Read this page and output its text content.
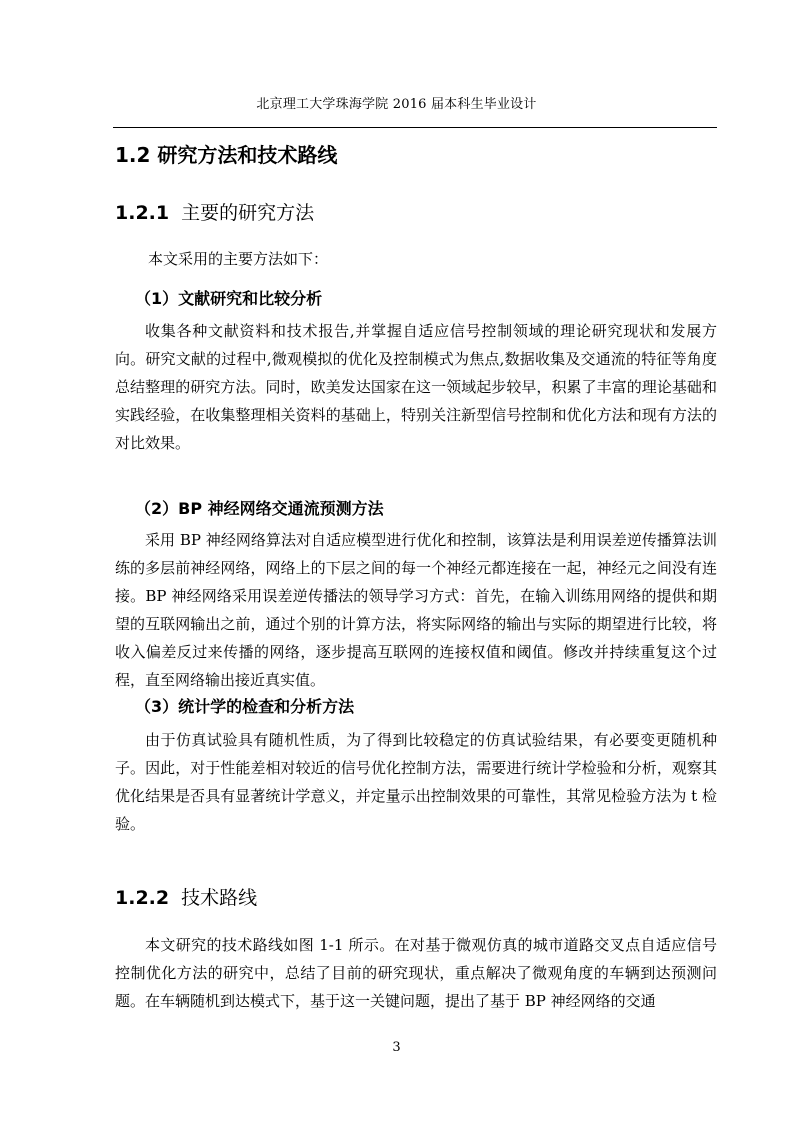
北京理工大学珠海学院 2016 届本科生毕业设计
1.2 研究方法和技术路线
1.2.1 主要的研究方法
本文采用的主要方法如下：
（1）文献研究和比较分析
收集各种文献资料和技术报告,并掌握自适应信号控制领域的理论研究现状和发展方向。研究文献的过程中,微观模拟的优化及控制模式为焦点,数据收集及交通流的特征等角度总结整理的研究方法。同时，欧美发达国家在这一领域起步较早，积累了丰富的理论基础和实践经验，在收集整理相关资料的基础上，特别关注新型信号控制和优化方法和现有方法的对比效果。
（2）BP 神经网络交通流预测方法
采用 BP 神经网络算法对自适应模型进行优化和控制，该算法是利用误差逆传播算法训练的多层前神经网络，网络上的下层之间的每一个神经元都连接在一起，神经元之间没有连接。BP 神经网络采用误差逆传播法的领导学习方式：首先，在输入训练用网络的提供和期望的互联网输出之前，通过个别的计算方法，将实际网络的输出与实际的期望进行比较，将收入偏差反过来传播的网络，逐步提高互联网的连接权值和阈值。修改并持续重复这个过程，直至网络输出接近真实值。
（3）统计学的检查和分析方法
由于仿真试验具有随机性质，为了得到比较稳定的仿真试验结果，有必要变更随机种子。因此，对于性能差相对较近的信号优化控制方法，需要进行统计学检验和分析，观察其优化结果是否具有显著统计学意义，并定量示出控制效果的可靠性，其常见检验方法为 t 检验。
1.2.2 技术路线
本文研究的技术路线如图 1-1 所示。在对基于微观仿真的城市道路交叉点自适应信号控制优化方法的研究中，总结了目前的研究现状，重点解决了微观角度的车辆到达预测问题。在车辆随机到达模式下，基于这一关键问题，提出了基于 BP 神经网络的交通
3
